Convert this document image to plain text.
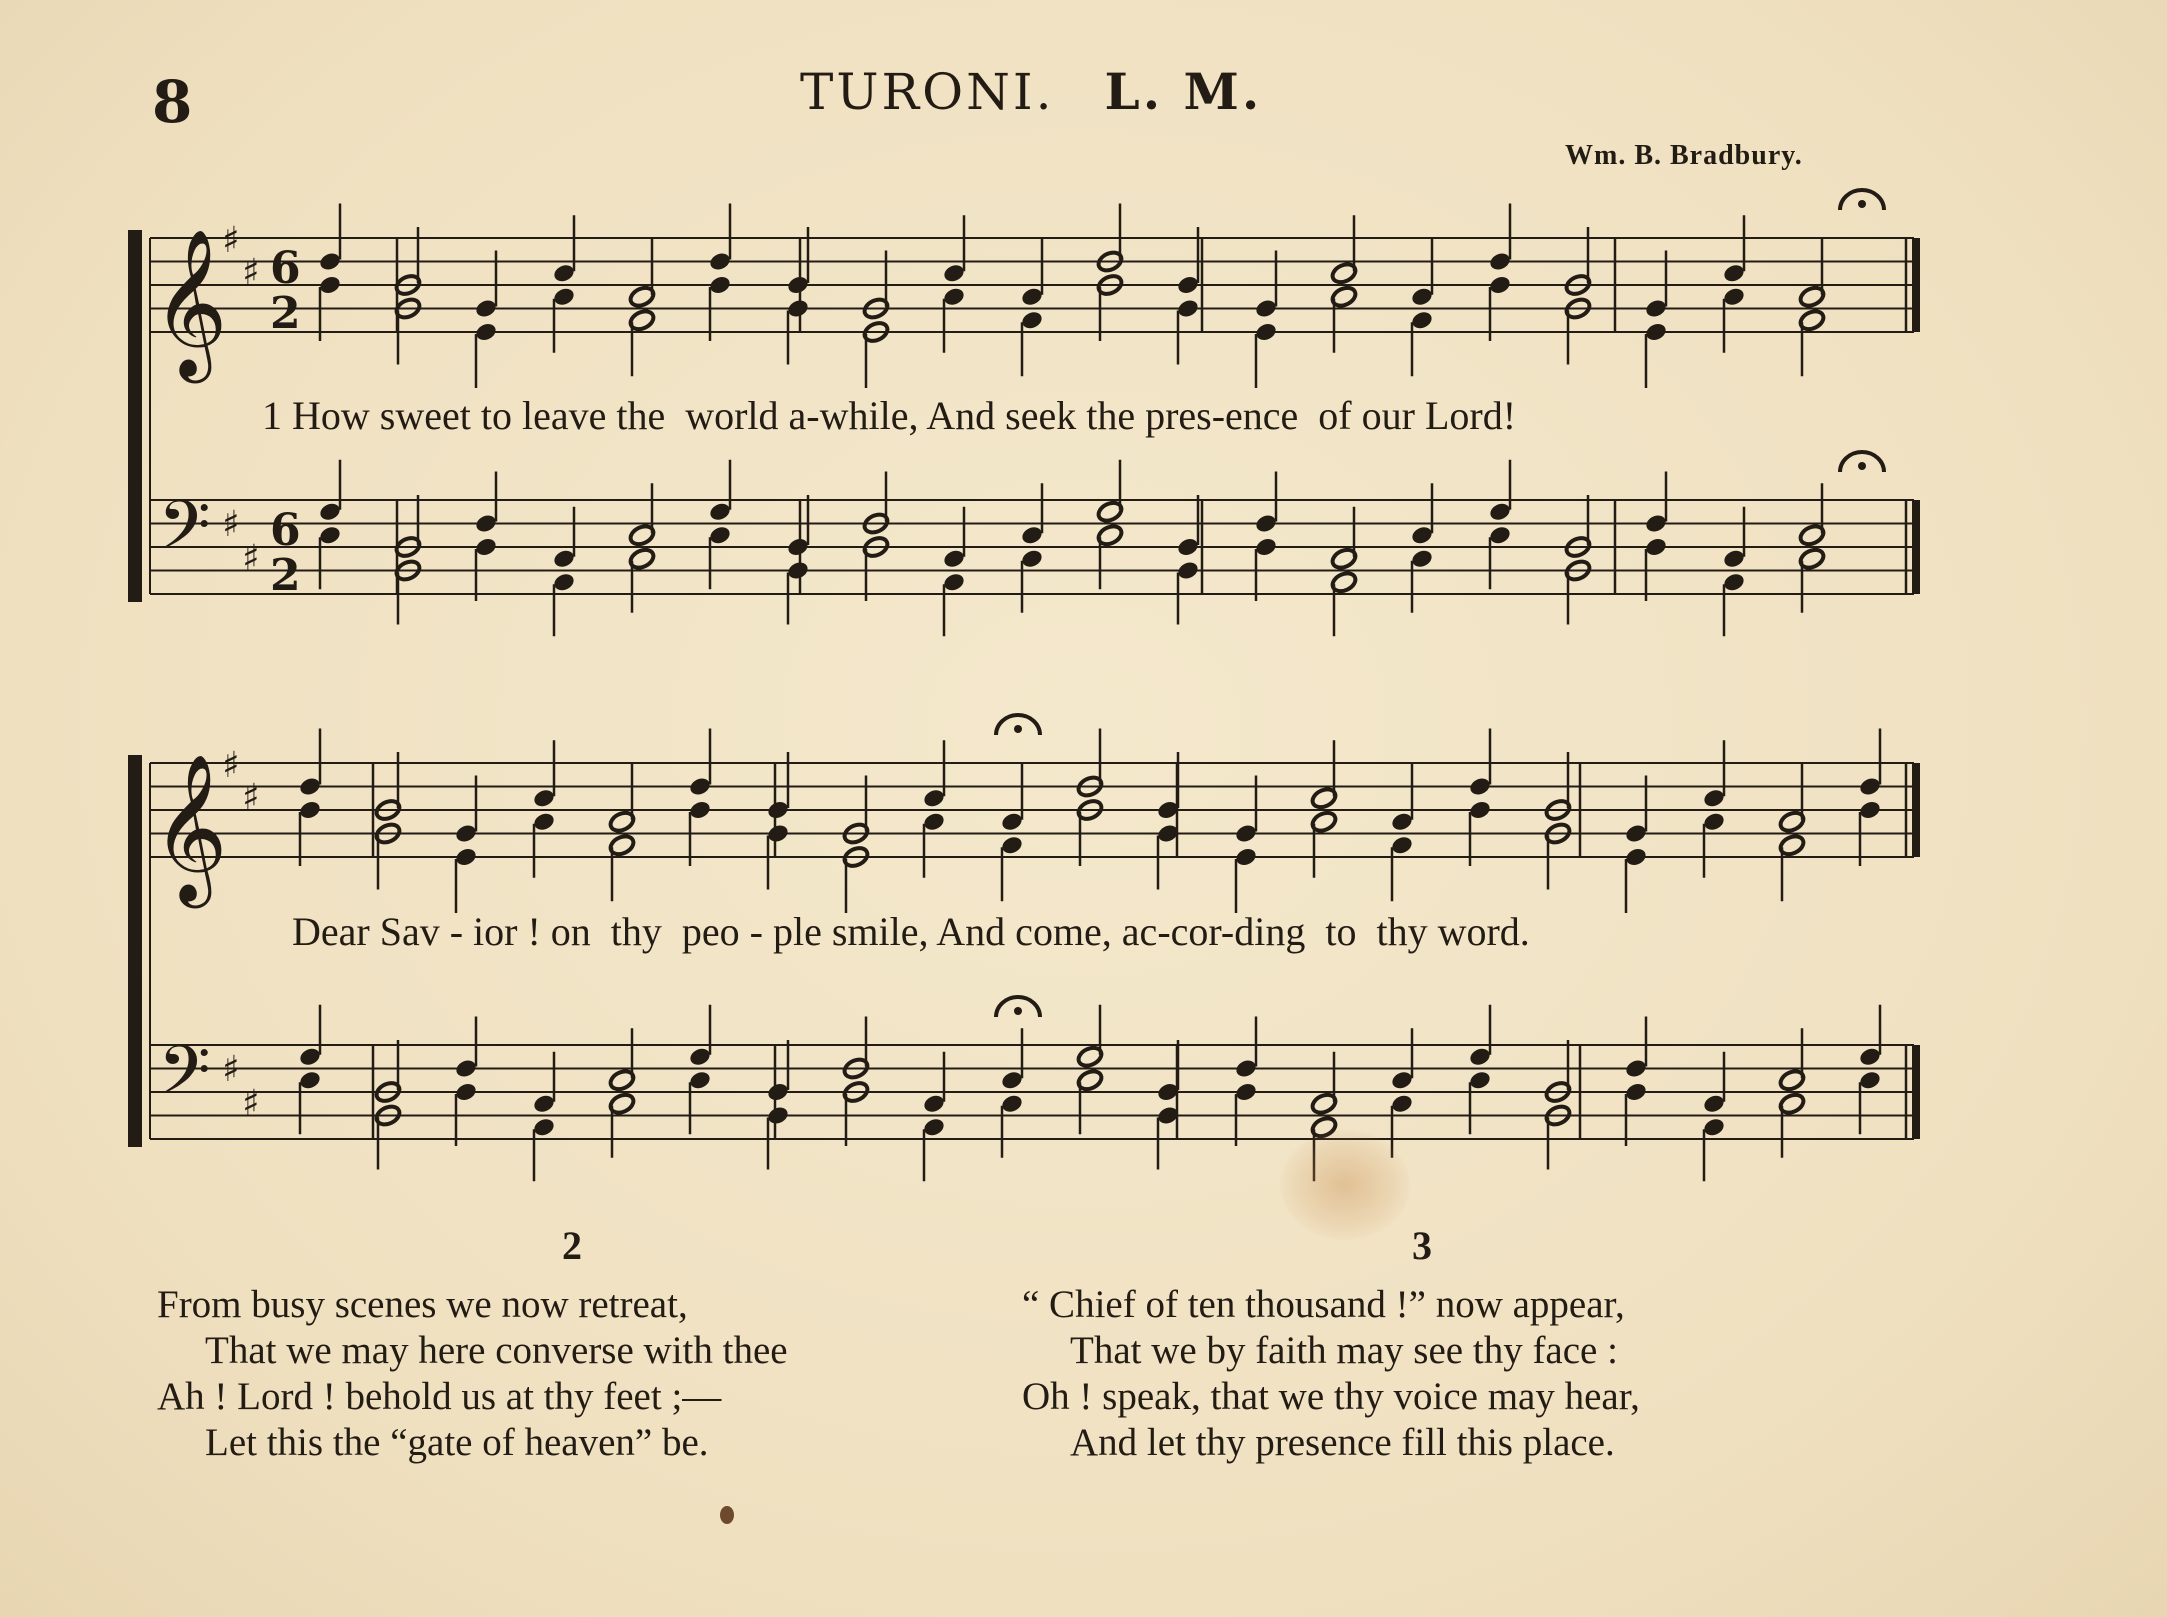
8	TURONI. L. M.
Wm. B. Bradbury.
𝄞
𝄢
♯
♯
♯
♯
6
2
6
2
𝄞
𝄢
♯
♯
♯
♯
1 How sweet to leave the  world a-while, And seek the pres-ence  of our Lord!
Dear Sav - ior ! on  thy  peo - ple smile, And come, ac-cor-ding  to  thy word.
2
From busy scenes we now retreat,
That we may here converse with thee
Ah ! Lord ! behold us at thy feet ;—
Let this the “gate of heaven” be.
3
“ Chief of ten thousand !” now appear,
That we by faith may see thy face :
Oh ! speak, that we thy voice may hear,
And let thy presence fill this place.
